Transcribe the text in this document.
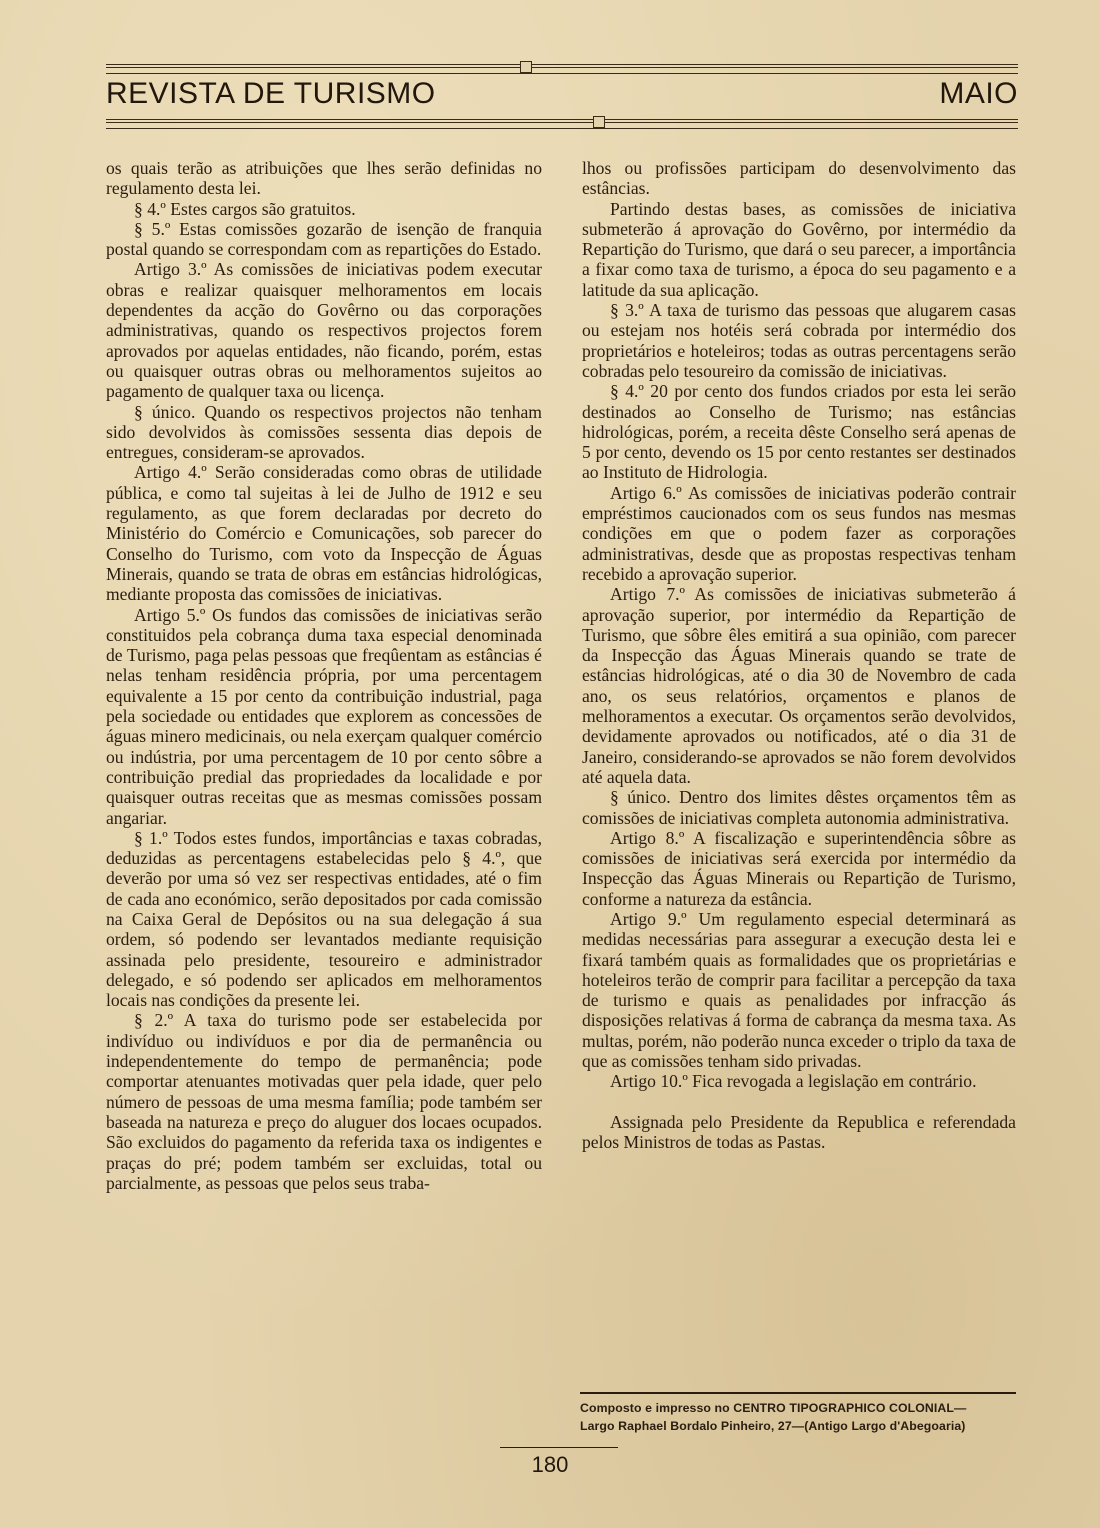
REVISTA DE TURISMO	MAIO

os quais terão as atribuições que lhes serão definidas no regulamento desta lei.

§ 4.º Estes cargos são gratuitos.

§ 5.º Estas comissões gozarão de isenção de franquia postal quando se correspondam com as repartições do Estado.

Artigo 3.º As comissões de iniciativas podem executar obras e realizar quaisquer melhoramentos em locais dependentes da acção do Govêrno ou das corporações administrativas, quando os respectivos projectos forem aprovados por aquelas entidades, não ficando, porém, estas ou quaisquer outras obras ou melhoramentos sujeitos ao pagamento de qualquer taxa ou licença.

§ único. Quando os respectivos projectos não tenham sido devolvidos às comissões sessenta dias depois de entregues, consideram-se aprovados.

Artigo 4.º Serão consideradas como obras de utilidade pública, e como tal sujeitas à lei de Julho de 1912 e seu regulamento, as que forem declaradas por decreto do Ministério do Comércio e Comunicações, sob parecer do Conselho do Turismo, com voto da Inspecção de Águas Minerais, quando se trata de obras em estâncias hidrológicas, mediante proposta das comissões de iniciativas.

Artigo 5.º Os fundos das comissões de iniciativas serão constituidos pela cobrança duma taxa especial denominada de Turismo, paga pelas pessoas que freqûentam as estâncias é nelas tenham residência própria, por uma percentagem equivalente a 15 por cento da contribuição industrial, paga pela sociedade ou entidades que explorem as concessões de águas minero medicinais, ou nela exerçam qualquer comércio ou indústria, por uma percentagem de 10 por cento sôbre a contribuição predial das propriedades da localidade e por quaisquer outras receitas que as mesmas comissões possam angariar.

§ 1.º Todos estes fundos, importâncias e taxas cobradas, deduzidas as percentagens estabelecidas pelo § 4.º, que deverão por uma só vez ser respectivas entidades, até o fim de cada ano económico, serão depositados por cada comissão na Caixa Geral de Depósitos ou na sua delegação á sua ordem, só podendo ser levantados mediante requisição assinada pelo presidente, tesoureiro e administrador delegado, e só podendo ser aplicados em melhoramentos locais nas condições da presente lei.

§ 2.º A taxa do turismo pode ser estabelecida por indivíduo ou indivíduos e por dia de permanência ou independentemente do tempo de permanência; pode comportar atenuantes motivadas quer pela idade, quer pelo número de pessoas de uma mesma família; pode também ser baseada na natureza e preço do aluguer dos locaes ocupados. São excluidos do pagamento da referida taxa os indigentes e praças do pré; podem também ser excluidas, total ou parcialmente, as pessoas que pelos seus traba-

lhos ou profissões participam do desenvolvimento das estâncias.

Partindo destas bases, as comissões de iniciativa submeterão á aprovação do Govêrno, por intermédio da Repartição do Turismo, que dará o seu parecer, a importância a fixar como taxa de turismo, a época do seu pagamento e a latitude da sua aplicação.

§ 3.º A taxa de turismo das pessoas que alugarem casas ou estejam nos hotéis será cobrada por intermédio dos proprietários e hoteleiros; todas as outras percentagens serão cobradas pelo tesoureiro da comissão de iniciativas.

§ 4.º 20 por cento dos fundos criados por esta lei serão destinados ao Conselho de Turismo; nas estâncias hidrológicas, porém, a receita dêste Conselho será apenas de 5 por cento, devendo os 15 por cento restantes ser destinados ao Instituto de Hidrologia.

Artigo 6.º As comissões de iniciativas poderão contrair empréstimos caucionados com os seus fundos nas mesmas condições em que o podem fazer as corporações administrativas, desde que as propostas respectivas tenham recebido a aprovação superior.

Artigo 7.º As comissões de iniciativas submeterão á aprovação superior, por intermédio da Repartição de Turismo, que sôbre êles emitirá a sua opinião, com parecer da Inspecção das Águas Minerais quando se trate de estâncias hidrológicas, até o dia 30 de Novembro de cada ano, os seus relatórios, orçamentos e planos de melhoramentos a executar. Os orçamentos serão devolvidos, devidamente aprovados ou notificados, até o dia 31 de Janeiro, considerando-se aprovados se não forem devolvidos até aquela data.

§ único. Dentro dos limites dêstes orçamentos têm as comissões de iniciativas completa autonomia administrativa.

Artigo 8.º A fiscalização e superintendência sôbre as comissões de iniciativas será exercida por intermédio da Inspecção das Águas Minerais ou Repartição de Turismo, conforme a natureza da estância.

Artigo 9.º Um regulamento especial determinará as medidas necessárias para assegurar a execução desta lei e fixará também quais as formalidades que os proprietárias e hoteleiros terão de comprir para facilitar a percepção da taxa de turismo e quais as penalidades por infracção ás disposições relativas á forma de cabrança da mesma taxa. As multas, porém, não poderão nunca exceder o triplo da taxa de que as comissões tenham sido privadas.

Artigo 10.º Fica revogada a legislação em contrário.

Assignada pelo Presidente da Republica e referendada pelos Ministros de todas as Pastas.

Composto e impresso no CENTRO TIPOGRAPHICO COLONIAL—
Largo Raphael Bordalo Pinheiro, 27—(Antigo Largo d'Abegoaria)
180
